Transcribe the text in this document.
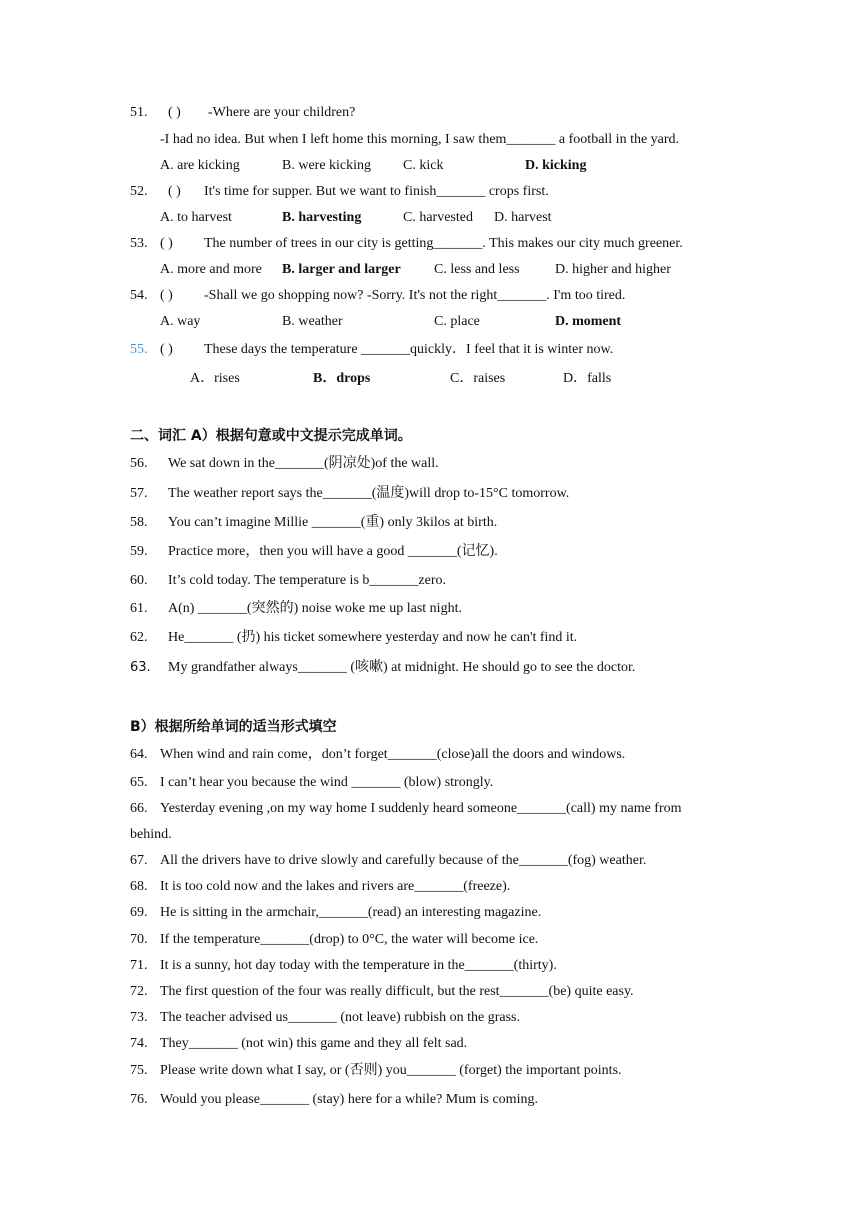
51. ( ) -Where are your children?
-I had no idea. But when I left home this morning, I saw them_______ a football in the yard.
A. are kicking	B. were kicking C. kick	D. kicking
52. ( ) It's time for supper. But we want to finish_______ crops first.
A. to harvest	B. harvesting	C. harvested D. harvest
53. ( ) The number of trees in our city is getting_______. This makes our city much greener.
A. more and more B. larger and larger C. less and less	D. higher and higher
54. ( ) -Shall we go shopping now? -Sorry. It's not the right_______. I'm too tired.
A. way	B. weather	C. place	D. moment
55. ( ) These days the temperature _______quickly．I feel that it is winter now.
A．rises	B．drops	C．raises	D．falls
二、词汇 A）根据句意或中文提示完成单词。
56. We sat down in the_______(阴凉处)of the wall.
57. The weather report says the_______(温度)will drop to-15°C tomorrow.
58. You can’t imagine Millie _______(重) only 3kilos at birth.
59. Practice more，then you will have a good _______(记忆).
60. It’s cold today. The temperature is b_______zero.
61. A(n) _______(突然的) noise woke me up last night.
62. He_______ (扔) his ticket somewhere yesterday and now he can't find it.
63. My grandfather always_______ (咳嗽) at midnight. He should go to see the doctor.
B）根据所给单词的适当形式填空
64. When wind and rain come，don’t forget_______(close)all the doors and windows.
65. I can’t hear you because the wind _______ (blow) strongly.
66. Yesterday evening ,on my way home I suddenly heard someone_______(call) my name from
behind.
67. All the drivers have to drive slowly and carefully because of the_______(fog) weather.
68. It is too cold now and the lakes and rivers are_______(freeze).
69. He is sitting in the armchair,_______(read) an interesting magazine.
70. If the temperature_______(drop) to 0°C, the water will become ice.
71. It is a sunny, hot day today with the temperature in the_______(thirty).
72. The first question of the four was really difficult, but the rest_______(be) quite easy.
73. The teacher advised us_______ (not leave) rubbish on the grass.
74. They_______ (not win) this game and they all felt sad.
75. Please write down what I say, or (否则) you_______ (forget) the important points.
76. Would you please_______ (stay) here for a while? Mum is coming.
